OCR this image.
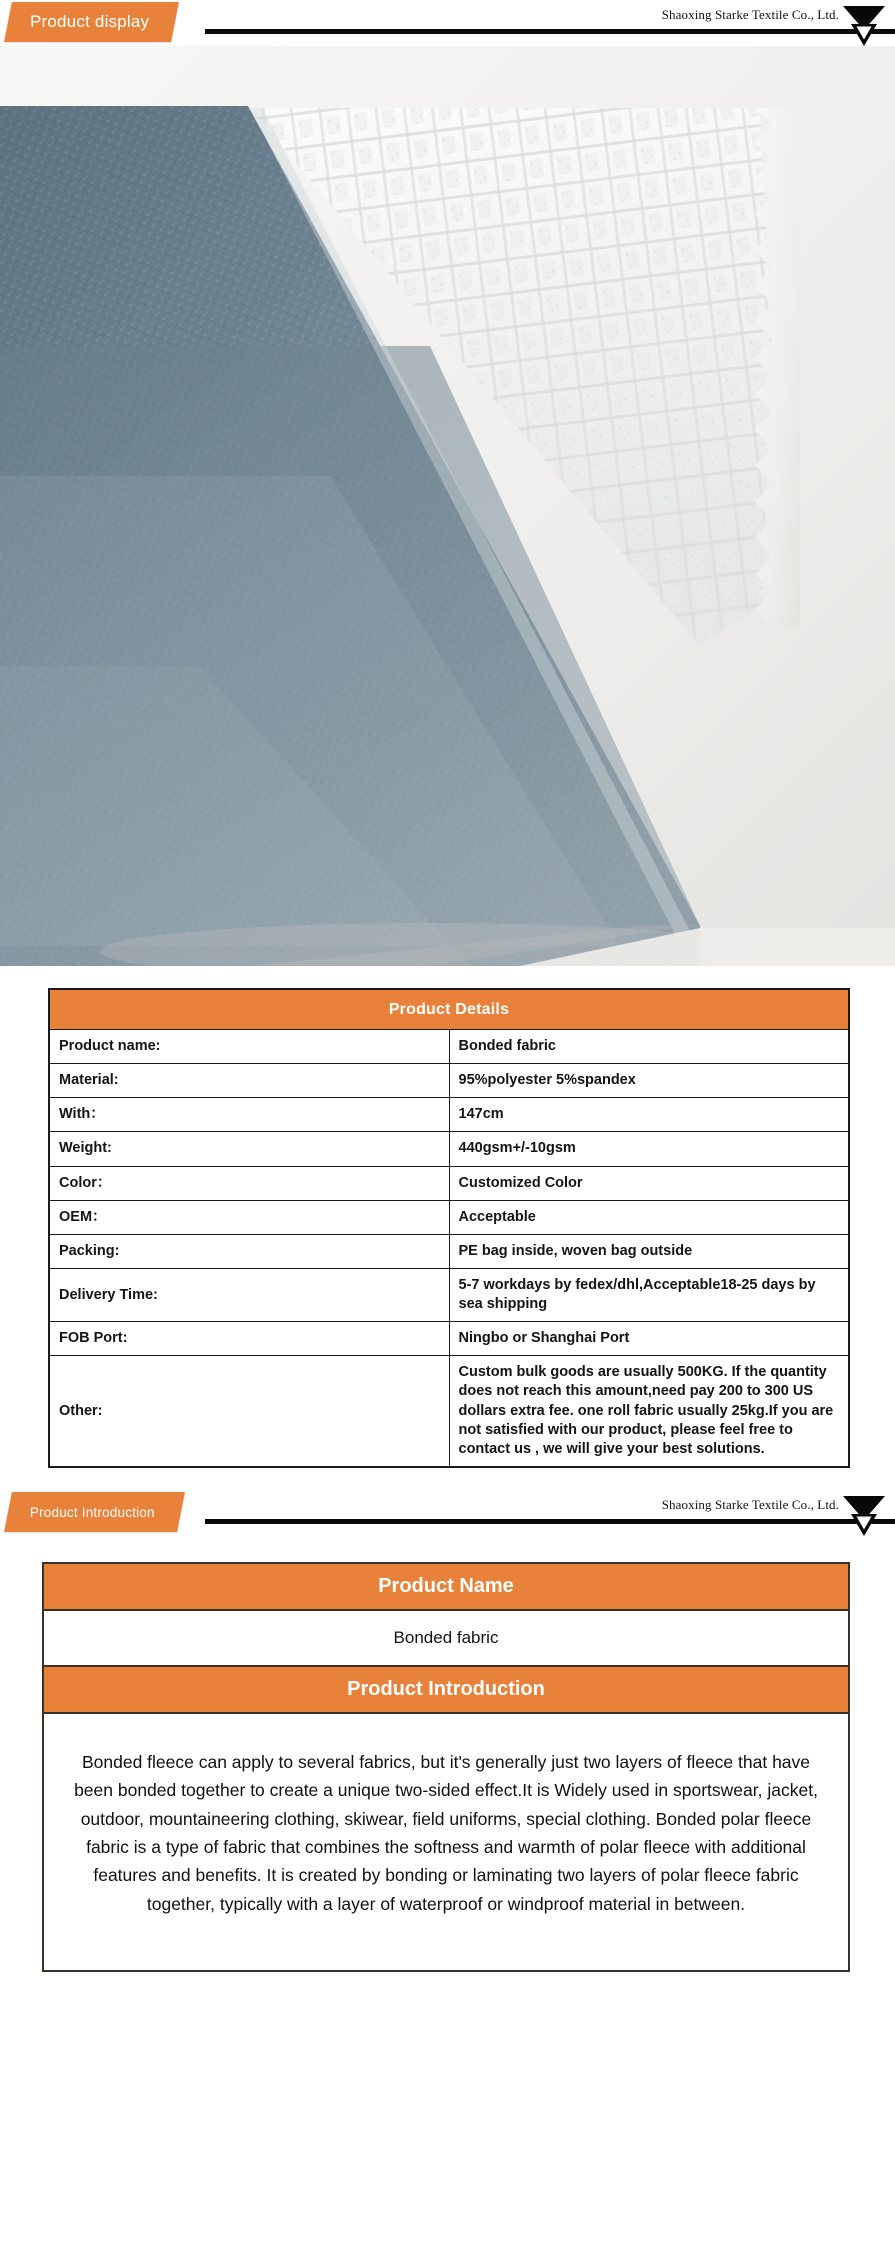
Product display	Shaoxing Starke Textile Co., Ltd.
Product Details	
Product name:	Bonded fabric
Material:	95%polyester 5%spandex
With：	147cm
Weight:	440gsm+/-10gsm
Color：	Customized Color
OEM：	Acceptable
Packing:	PE bag inside, woven bag outside
Delivery Time:	5-7 workdays by fedex/dhl,Acceptable18-25 days by sea shipping
FOB Port:	Ningbo or Shanghai Port
Other:	Custom bulk goods are usually 500KG. If the quantity does not reach this amount,need pay 200 to 300 US dollars extra fee. one roll fabric usually 25kg.If you are not satisfied with our product, please feel free to contact us , we will give your best solutions.
Product Introduction	Shaoxing Starke Textile Co., Ltd.
Product Name
Bonded fabric
Product Introduction
Bonded fleece can apply to several fabrics, but it's generally just two layers of fleece that have been bonded together to create a unique two-sided effect.It is Widely used in sportswear, jacket, outdoor, mountaineering clothing, skiwear, field uniforms, special clothing. Bonded polar fleece fabric is a type of fabric that combines the softness and warmth of polar fleece with additional features and benefits. It is created by bonding or laminating two layers of polar fleece fabric together, typically with a layer of waterproof or windproof material in between.
